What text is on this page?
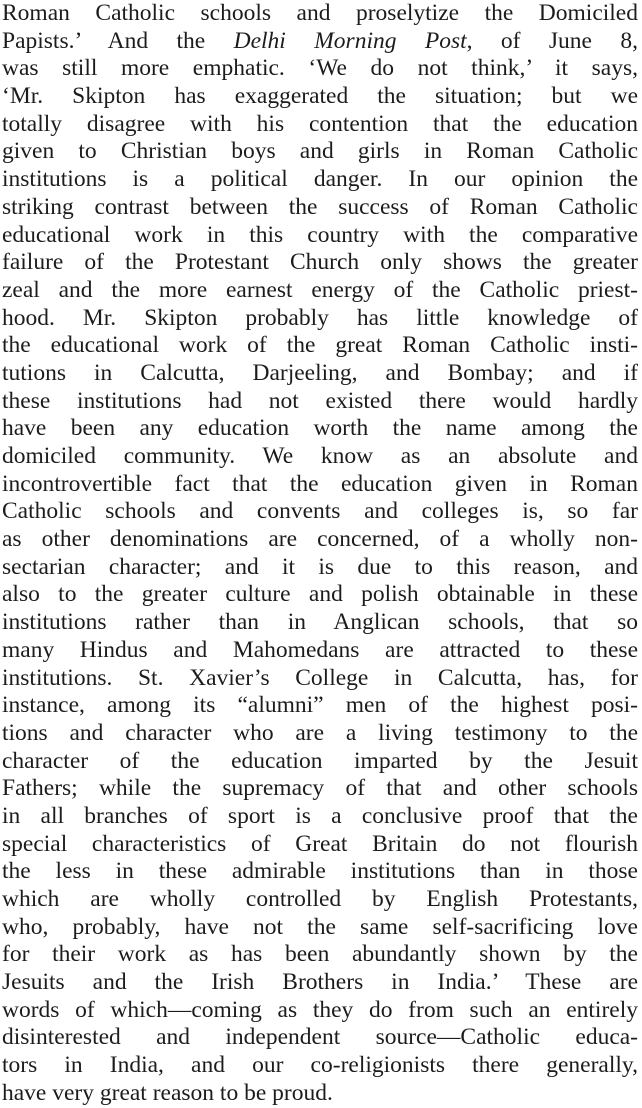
Roman Catholic schools and proselytize the Domiciled
Papists.’ And the Delhi Morning Post, of June 8,
was still more emphatic. ‘We do not think,’ it says,
‘Mr. Skipton has exaggerated the situation; but we
totally disagree with his contention that the education
given to Christian boys and girls in Roman Catholic
institutions is a political danger. In our opinion the
striking contrast between the success of Roman Catholic
educational work in this country with the comparative
failure of the Protestant Church only shows the greater
zeal and the more earnest energy of the Catholic priest-
hood. Mr. Skipton probably has little knowledge of
the educational work of the great Roman Catholic insti-
tutions in Calcutta, Darjeeling, and Bombay; and if
these institutions had not existed there would hardly
have been any education worth the name among the
domiciled community. We know as an absolute and
incontrovertible fact that the education given in Roman
Catholic schools and convents and colleges is, so far
as other denominations are concerned, of a wholly non-
sectarian character; and it is due to this reason, and
also to the greater culture and polish obtainable in these
institutions rather than in Anglican schools, that so
many Hindus and Mahomedans are attracted to these
institutions. St. Xavier’s College in Calcutta, has, for
instance, among its “alumni” men of the highest posi-
tions and character who are a living testimony to the
character of the education imparted by the Jesuit
Fathers; while the supremacy of that and other schools
in all branches of sport is a conclusive proof that the
special characteristics of Great Britain do not flourish
the less in these admirable institutions than in those
which are wholly controlled by English Protestants,
who, probably, have not the same self-sacrificing love
for their work as has been abundantly shown by the
Jesuits and the Irish Brothers in India.’ These are
words of which—coming as they do from such an entirely
disinterested and independent source—Catholic educa-
tors in India, and our co-religionists there generally,
have very great reason to be proud.
